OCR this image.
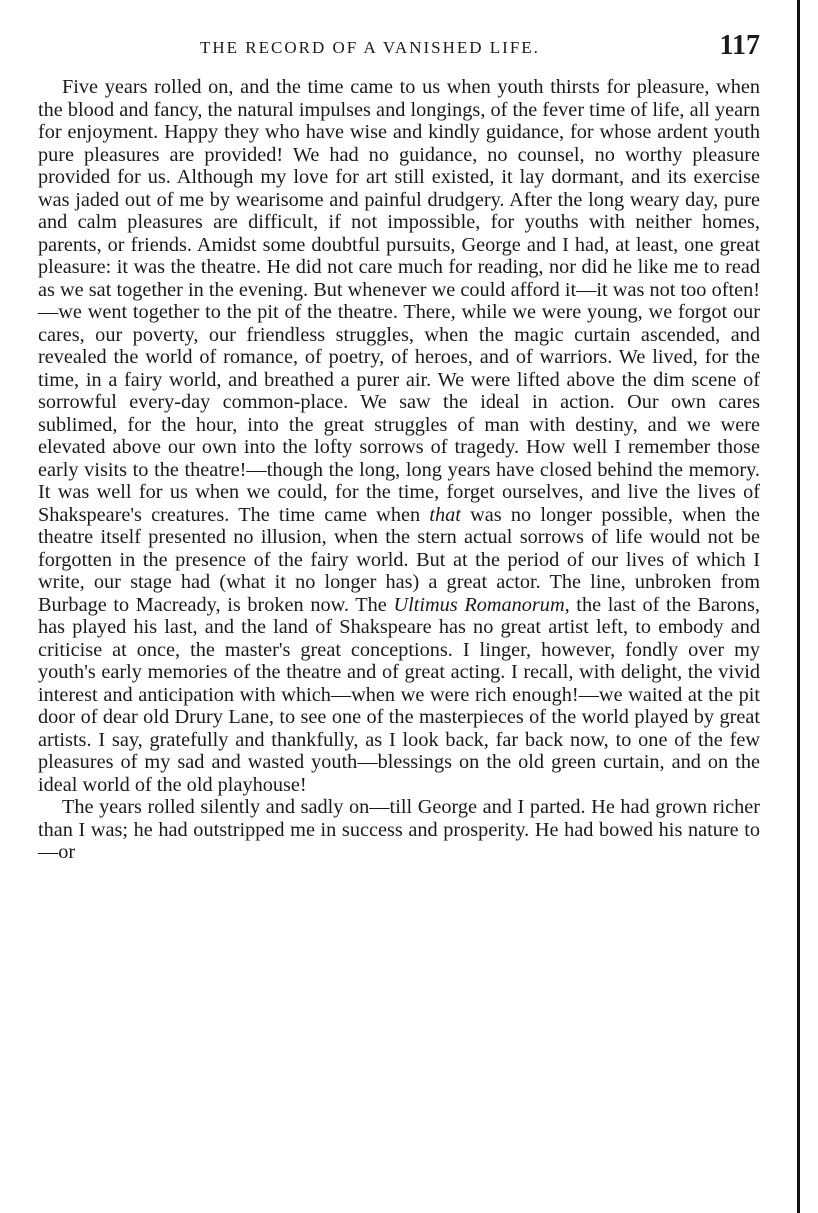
THE RECORD OF A VANISHED LIFE.	117

Five years rolled on, and the time came to us when youth thirsts for pleasure, when the blood and fancy, the natural impulses and longings, of the fever time of life, all yearn for enjoyment. Happy they who have wise and kindly guidance, for whose ardent youth pure pleasures are provided! We had no guidance, no counsel, no worthy pleasure provided for us. Although my love for art still existed, it lay dormant, and its exercise was jaded out of me by wearisome and painful drudgery. After the long weary day, pure and calm pleasures are difficult, if not impossible, for youths with neither homes, parents, or friends. Amidst some doubtful pursuits, George and I had, at least, one great pleasure: it was the theatre. He did not care much for reading, nor did he like me to read as we sat together in the evening. But whenever we could afford it—it was not too often!—we went together to the pit of the theatre. There, while we were young, we forgot our cares, our poverty, our friendless struggles, when the magic curtain ascended, and revealed the world of romance, of poetry, of heroes, and of warriors. We lived, for the time, in a fairy world, and breathed a purer air. We were lifted above the dim scene of sorrowful every-day common-place. We saw the ideal in action. Our own cares sublimed, for the hour, into the great struggles of man with destiny, and we were elevated above our own into the lofty sorrows of tragedy. How well I remember those early visits to the theatre!—though the long, long years have closed behind the memory. It was well for us when we could, for the time, forget ourselves, and live the lives of Shakspeare's creatures. The time came when that was no longer possible, when the theatre itself presented no illusion, when the stern actual sorrows of life would not be forgotten in the presence of the fairy world. But at the period of our lives of which I write, our stage had (what it no longer has) a great actor. The line, unbroken from Burbage to Macready, is broken now. The Ultimus Romanorum, the last of the Barons, has played his last, and the land of Shakspeare has no great artist left, to embody and criticise at once, the master's great conceptions. I linger, however, fondly over my youth's early memories of the theatre and of great acting. I recall, with delight, the vivid interest and anticipation with which—when we were rich enough!—we waited at the pit door of dear old Drury Lane, to see one of the masterpieces of the world played by great artists. I say, gratefully and thankfully, as I look back, far back now, to one of the few pleasures of my sad and wasted youth—blessings on the old green curtain, and on the ideal world of the old playhouse!

The years rolled silently and sadly on—till George and I parted. He had grown richer than I was; he had outstripped me in success and prosperity. He had bowed his nature to—or
